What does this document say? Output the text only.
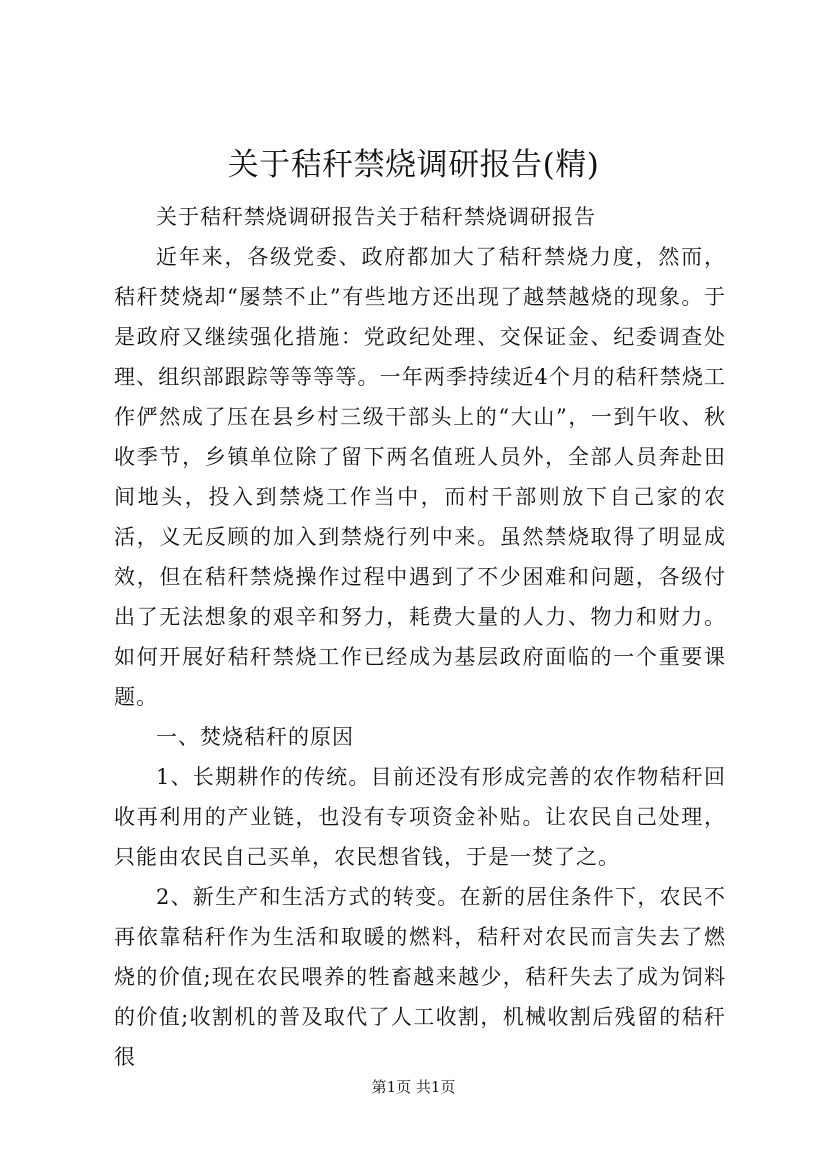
关于秸秆禁烧调研报告(精)

关于秸秆禁烧调研报告关于秸秆禁烧调研报告

近年来，各级党委、政府都加大了秸秆禁烧力度，然而，秸秆焚烧却“屡禁不止”有些地方还出现了越禁越烧的现象。于是政府又继续强化措施：党政纪处理、交保证金、纪委调查处理、组织部跟踪等等等等。一年两季持续近4个月的秸秆禁烧工作俨然成了压在县乡村三级干部头上的“大山”，一到午收、秋收季节，乡镇单位除了留下两名值班人员外，全部人员奔赴田间地头，投入到禁烧工作当中，而村干部则放下自己家的农活，义无反顾的加入到禁烧行列中来。虽然禁烧取得了明显成效，但在秸秆禁烧操作过程中遇到了不少困难和问题，各级付出了无法想象的艰辛和努力，耗费大量的人力、物力和财力。如何开展好秸秆禁烧工作已经成为基层政府面临的一个重要课题。

一、焚烧秸秆的原因

1、长期耕作的传统。目前还没有形成完善的农作物秸秆回收再利用的产业链，也没有专项资金补贴。让农民自己处理，只能由农民自己买单，农民想省钱，于是一焚了之。

2、新生产和生活方式的转变。在新的居住条件下，农民不再依靠秸秆作为生活和取暖的燃料，秸秆对农民而言失去了燃烧的价值;现在农民喂养的牲畜越来越少，秸秆失去了成为饲料的价值;收割机的普及取代了人工收割，机械收割后残留的秸秆很

第1页 共1页
